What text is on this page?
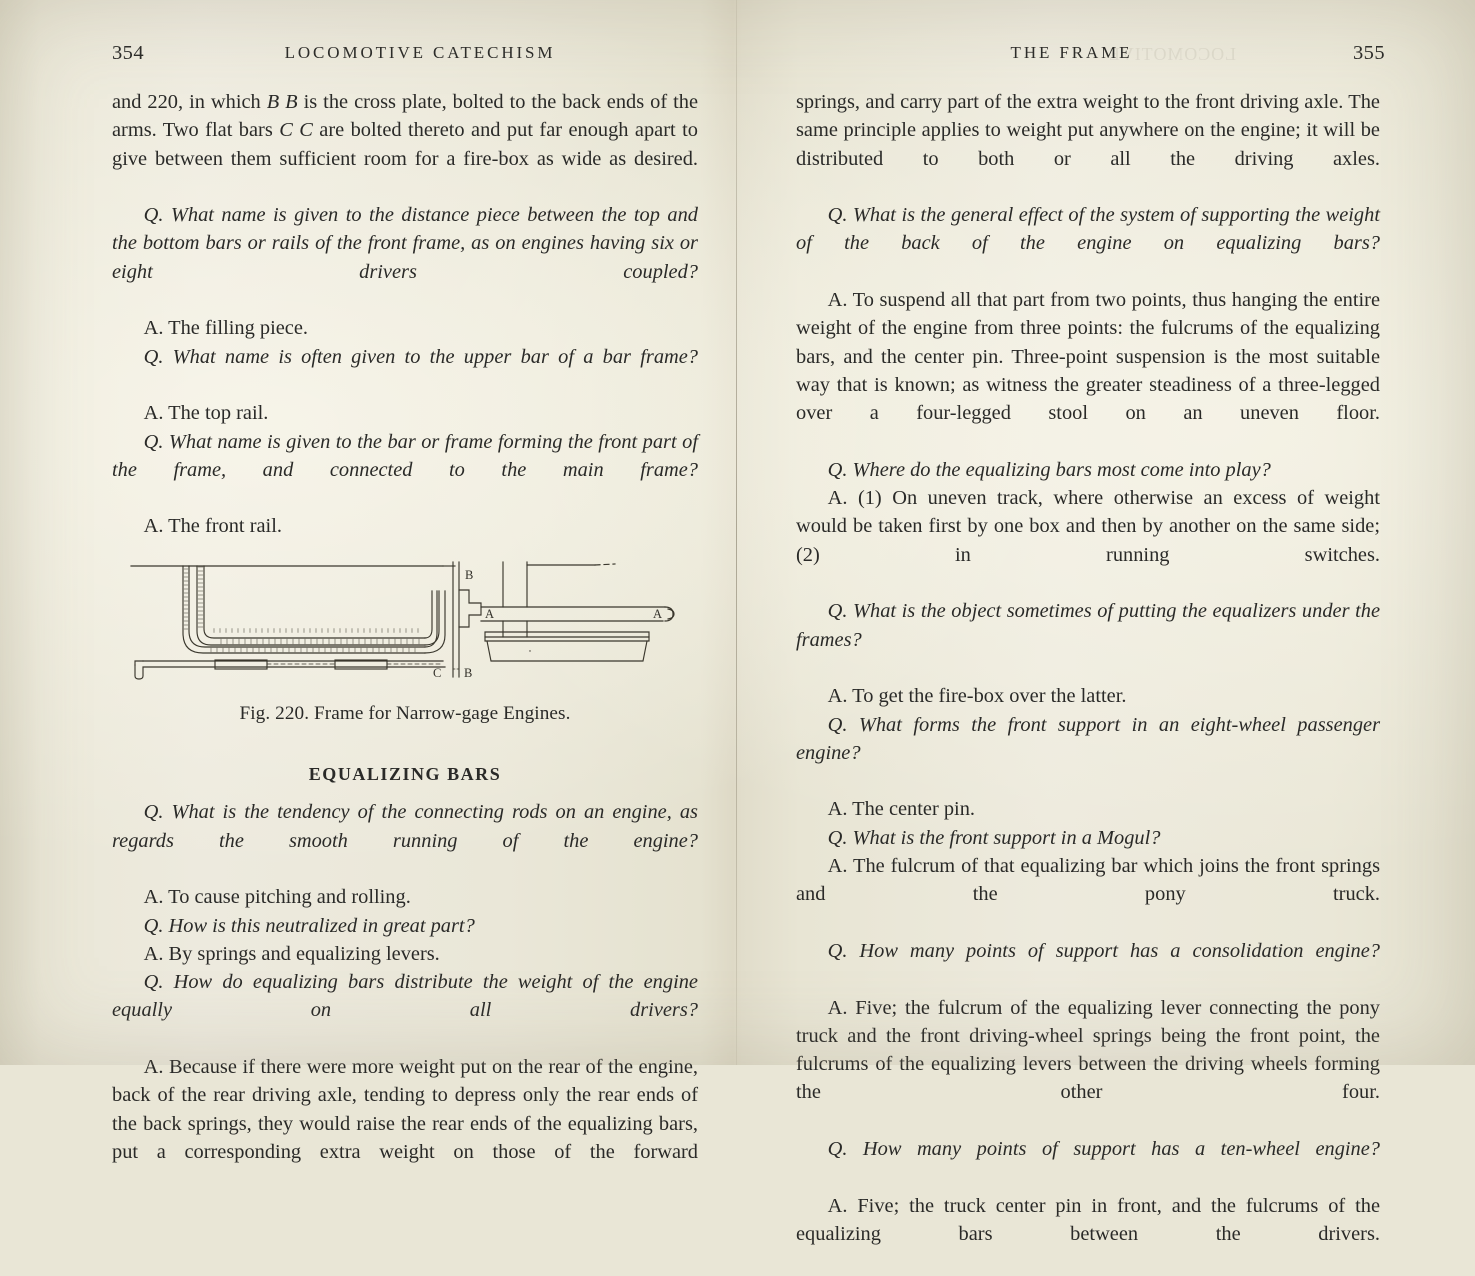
354	LOCOMOTIVE CATECHISM

and 220, in which B B is the cross plate, bolted to the back ends of the arms. Two flat bars C C are bolted thereto and put far enough apart to give between them sufficient room for a fire-box as wide as desired.

Q. What name is given to the distance piece between the top and the bottom bars or rails of the front frame, as on engines having six or eight drivers coupled?

A. The filling piece.

Q. What name is often given to the upper bar of a bar frame?

A. The top rail.

Q. What name is given to the bar or frame forming the front part of the frame, and connected to the main frame?

A. The front rail.

B
A	A
C B

Fig. 220. Frame for Narrow-gage Engines.

EQUALIZING BARS

Q. What is the tendency of the connecting rods on an engine, as regards the smooth running of the engine?

A. To cause pitching and rolling.

Q. How is this neutralized in great part?

A. By springs and equalizing levers.

Q. How do equalizing bars distribute the weight of the engine equally on all drivers?

A. Because if there were more weight put on the rear of the engine, back of the rear driving axle, tending to depress only the rear ends of the back springs, they would raise the rear ends of the equalizing bars, put a corresponding extra weight on those of the forward

LOCOMOTIVE
THE FRAME	355

springs, and carry part of the extra weight to the front driving axle. The same principle applies to weight put anywhere on the engine; it will be distributed to both or all the driving axles.

Q. What is the general effect of the system of supporting the weight of the back of the engine on equalizing bars?

A. To suspend all that part from two points, thus hanging the entire weight of the engine from three points: the fulcrums of the equalizing bars, and the center pin. Three-point suspension is the most suitable way that is known; as witness the greater steadiness of a three-legged over a four-legged stool on an uneven floor.

Q. Where do the equalizing bars most come into play?

A. (1) On uneven track, where otherwise an excess of weight would be taken first by one box and then by another on the same side; (2) in running switches.

Q. What is the object sometimes of putting the equalizers under the frames?

A. To get the fire-box over the latter.

Q. What forms the front support in an eight-wheel passenger engine?

A. The center pin.

Q. What is the front support in a Mogul?

A. The fulcrum of that equalizing bar which joins the front springs and the pony truck.

Q. How many points of support has a consolidation engine?

A. Five; the fulcrum of the equalizing lever connecting the pony truck and the front driving-wheel springs being the front point, the fulcrums of the equalizing levers between the driving wheels forming the other four.

Q. How many points of support has a ten-wheel engine?

A. Five; the truck center pin in front, and the fulcrums of the equalizing bars between the drivers.
